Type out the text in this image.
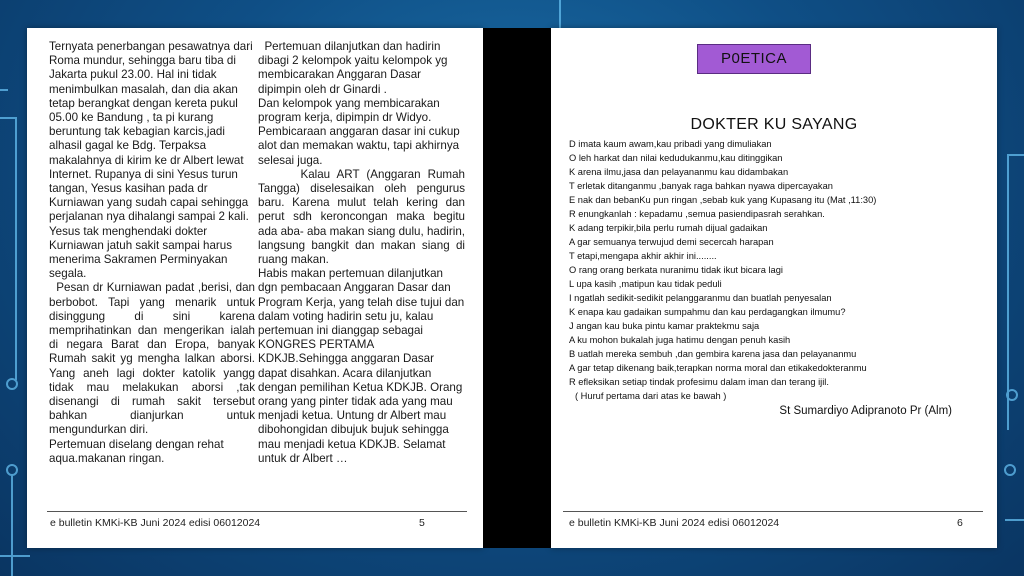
Ternyata penerbangan pesawatnya dari Roma mundur, sehingga baru tiba di Jakarta pukul 23.00. Hal ini tidak menimbulkan masalah, dan dia akan tetap berangkat dengan kereta pukul 05.00 ke Bandung , ta pi kurang beruntung tak kebagian karcis,jadi alhasil gagal ke Bdg. Terpaksa makalahnya di kirim ke dr Albert lewat Internet. Rupanya di sini Yesus turun tangan, Yesus kasihan pada dr Kurniawan yang sudah capai sehingga perjalanan nya dihalangi sampai 2 kali. Yesus tak menghendaki dokter Kurniawan jatuh sakit sampai harus menerima Sakramen Perminyakan segala.

Pesan dr Kurniawan padat ,berisi, dan berbobot. Tapi yang menarik untuk disinggung di sini karena memprihatinkan dan mengerikan ialah di negara Barat dan Eropa, banyak Rumah sakit yg mengha lalkan aborsi. Yang aneh lagi dokter katolik yangg tidak mau melakukan aborsi ,tak disenangi di rumah sakit tersebut bahkan dianjurkan untuk mengundurkan diri.

Pertemuan diselang dengan rehat aqua.makanan ringan.

Pertemuan dilanjutkan dan hadirin dibagi 2 kelompok yaitu kelompok yg membicarakan Anggaran Dasar dipimpin oleh dr Ginardi .

Dan kelompok yang membicarakan program kerja, dipimpin dr Widyo. Pembicaraan anggaran dasar ini cukup alot dan memakan waktu, tapi akhirnya selesai juga.

Kalau ART (Anggaran Rumah Tangga) diselesaikan oleh pengurus baru. Karena mulut telah kering dan perut sdh keroncongan maka begitu ada aba- aba makan siang dulu, hadirin, langsung bangkit dan makan siang di ruang makan.

Habis makan pertemuan dilanjutkan dgn pembacaan Anggaran Dasar dan Program Kerja, yang telah dise tujui dan dalam voting hadirin setu ju, kalau pertemuan ini dianggap sebagai KONGRES PERTAMA KDKJB.Sehingga anggaran Dasar dapat disahkan. Acara dilanjutkan dengan pemilihan Ketua KDKJB. Orang orang yang pinter tidak ada yang mau menjadi ketua. Untung dr Albert mau dibohongidan dibujuk bujuk sehingga mau menjadi ketua KDKJB. Selamat untuk dr Albert …

e bulletin KMKi-KB Juni 2024 edisi 06012024	5
P0ETICA
DOKTER KU SAYANG
D imata kaum awam,kau pribadi yang dimuliakan
O leh harkat dan nilai kedudukanmu,kau ditinggikan
K arena ilmu,jasa dan pelayananmu kau didambakan
T erletak ditanganmu ,banyak raga bahkan nyawa dipercayakan
E nak dan bebanKu pun ringan ,sebab kuk yang Kupasang itu (Mat ,11:30)
R enungkanlah : kepadamu ,semua pasiendipasrah serahkan.
K adang terpikir,bila perlu rumah dijual gadaikan
A gar semuanya terwujud demi secercah harapan
T etapi,mengapa akhir akhir ini........
O rang orang berkata nuranimu tidak ikut bicara lagi
L upa kasih ,matipun kau tidak peduli
I ngatlah sedikit-sedikit pelanggaranmu dan buatlah penyesalan
K enapa kau gadaikan sumpahmu dan kau perdagangkan ilmumu?
J angan kau buka pintu kamar praktekmu saja
A ku mohon bukalah juga hatimu dengan penuh kasih
B uatlah mereka sembuh ,dan gembira karena jasa dan pelayananmu
A gar tetap dikenang baik,terapkan norma moral dan etikakedokteranmu
R efleksikan setiap tindak profesimu dalam iman dan terang ijil.
( Huruf pertama dari atas ke bawah )
St Sumardiyo Adipranoto Pr (Alm)
e bulletin KMKi-KB Juni 2024 edisi 06012024	6
